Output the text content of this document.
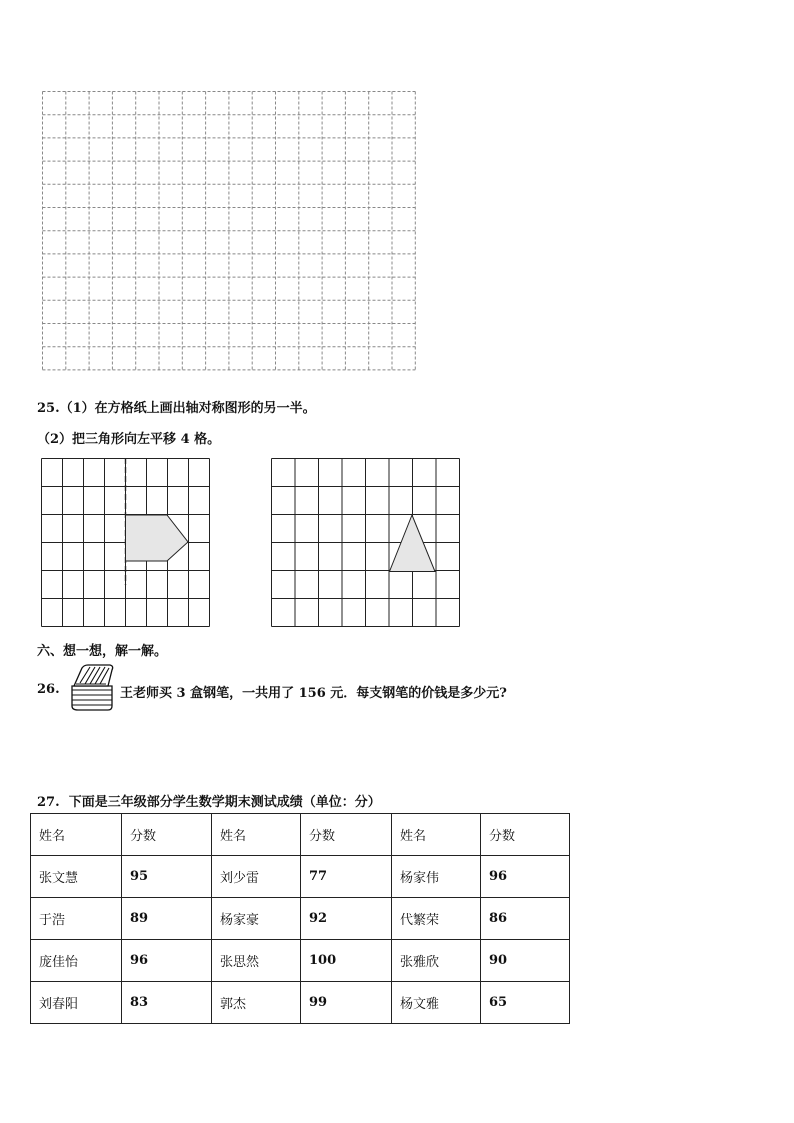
25.（1）在方格纸上画出轴对称图形的另一半。
（2）把三角形向左平移 4 格。
六、想一想，解一解。
26.	王老师买 3 盒钢笔，一共用了 156 元．每支钢笔的价钱是多少元?
27. 下面是三年级部分学生数学期末测试成绩（单位：分）
姓名	分数	姓名	分数	姓名	分数
张文慧	95	刘少雷	77	杨家伟	96
于浩	89	杨家豪	92	代繁荣	86
庞佳怡	96	张思然	100	张雅欣	90
刘春阳	83	郭杰	99	杨文雅	65
